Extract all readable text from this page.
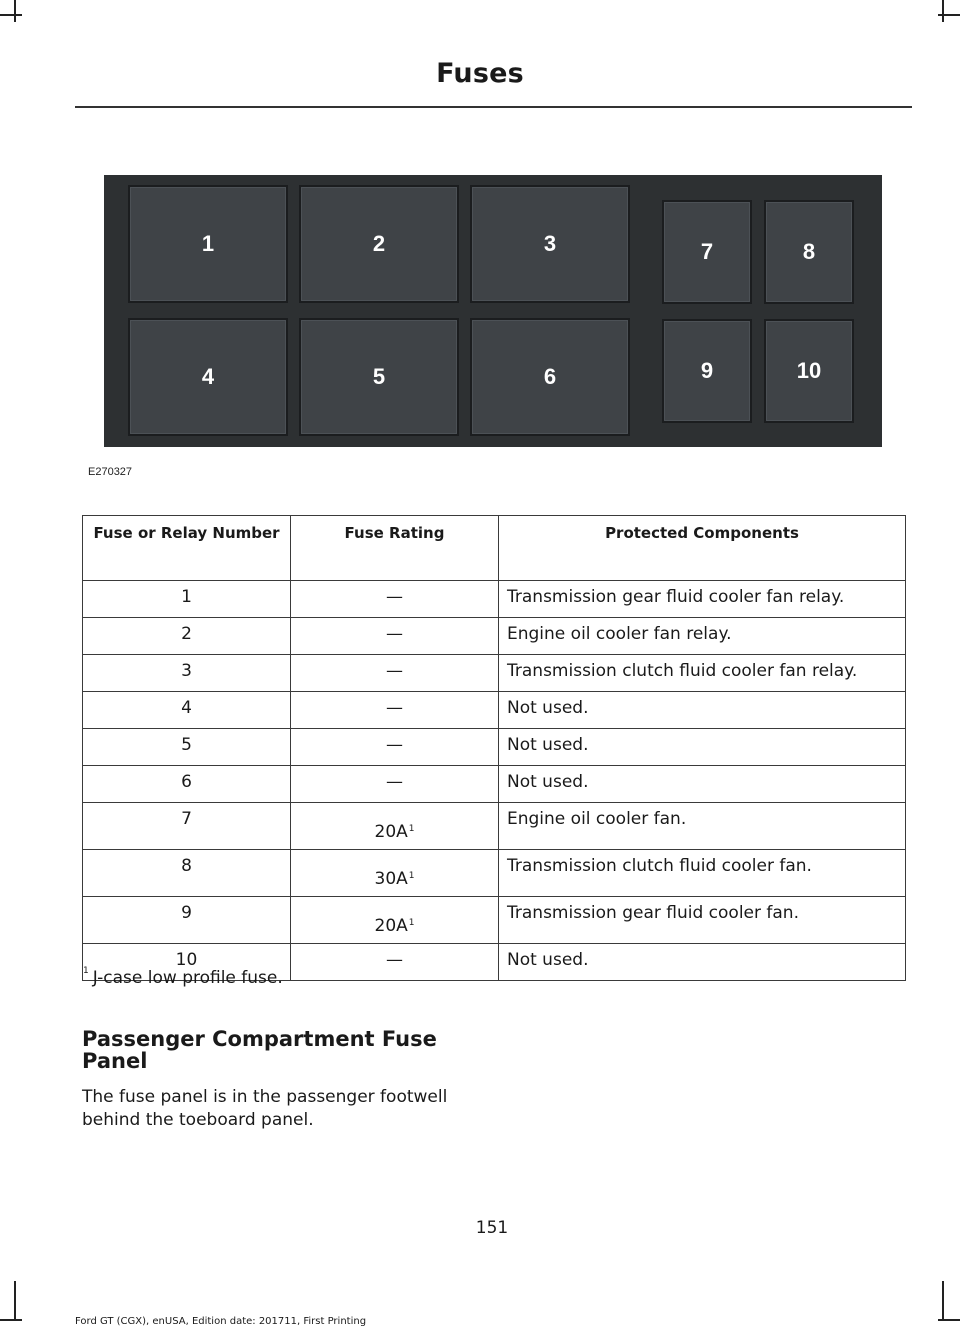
Fuses
1	2	3
4	5	6
7	8
9	10
E270327
Fuse or Relay Number	Fuse Rating	Protected Components
1	—	Transmission gear fluid cooler fan relay.
2	—	Engine oil cooler fan relay.
3	—	Transmission clutch fluid cooler fan relay.
4	—	Not used.
5	—	Not used.
6	—	Not used.
7	$20A^1$	Engine oil cooler fan.
8	$30A^1$	Transmission clutch fluid cooler fan.
9	$20A^1$	Transmission gear fluid cooler fan.
10	—	Not used.
$^1$ J-case low profile fuse.
Passenger Compartment Fuse Panel
The fuse panel is in the passenger footwell behind the toeboard panel.
151
Ford GT (CGX), enUSA, Edition date: 201711, First Printing
